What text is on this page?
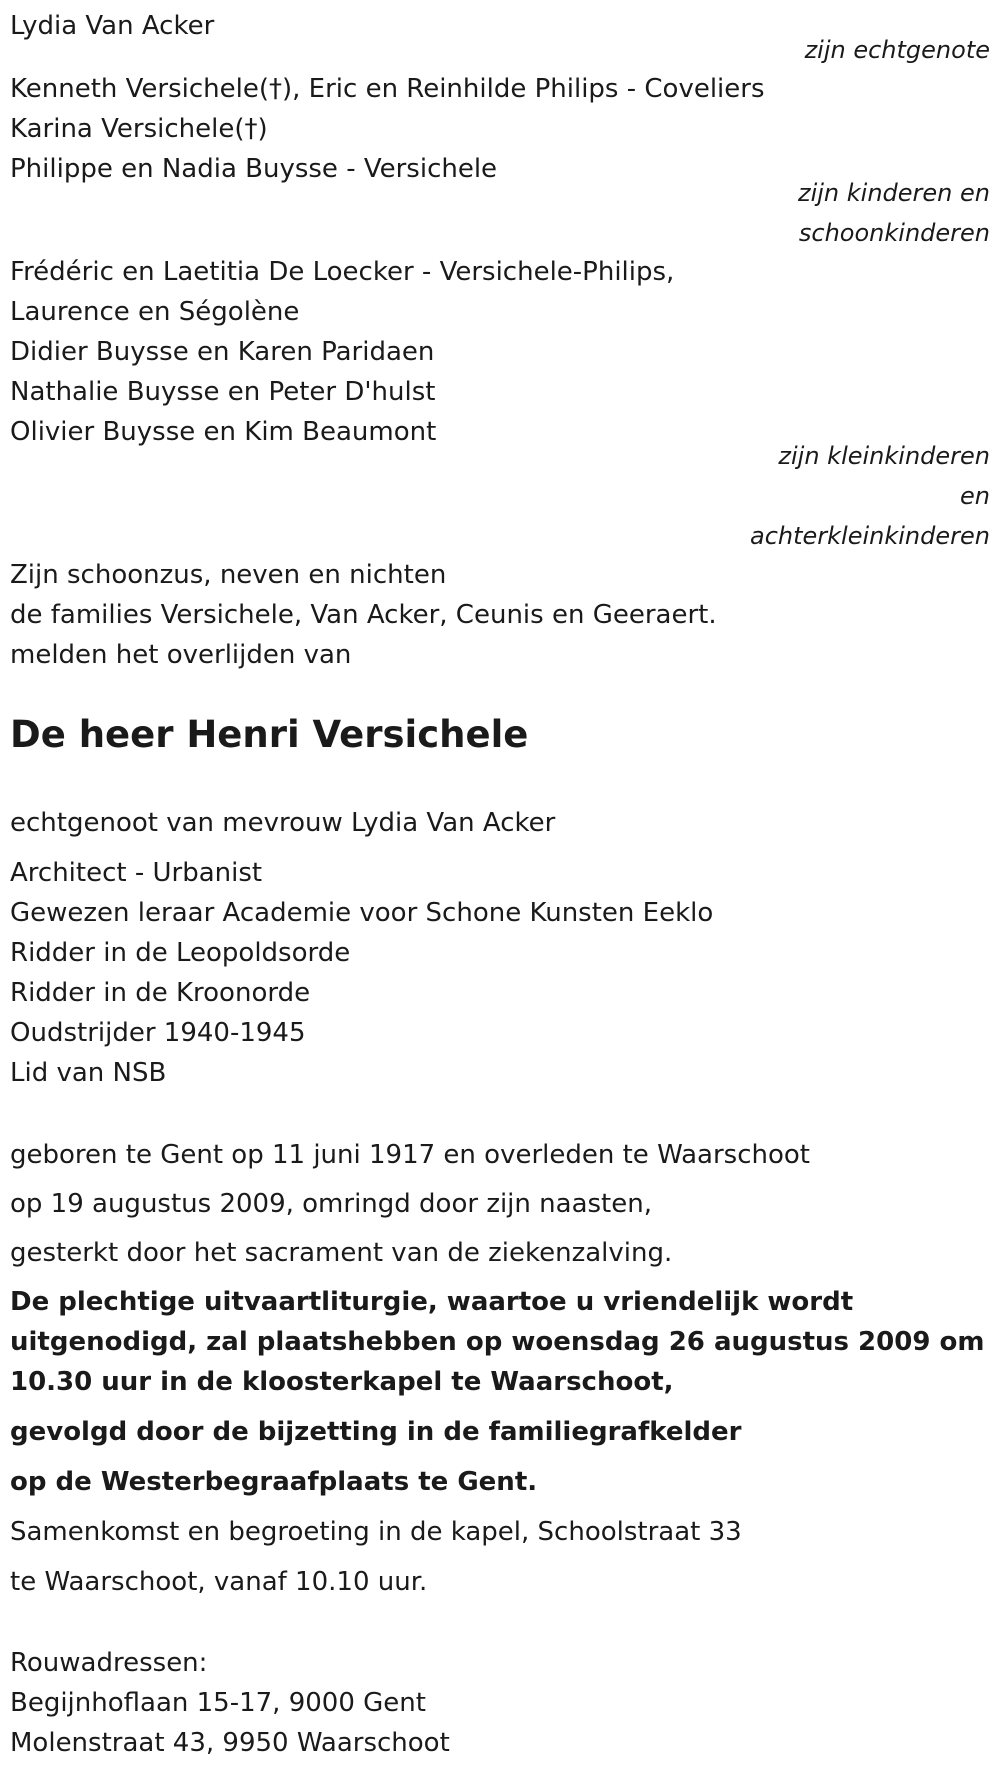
Lydia Van Acker
zijn echtgenote
Kenneth Versichele(†), Eric en Reinhilde Philips - Coveliers
Karina Versichele(†)
Philippe en Nadia Buysse - Versichele
zijn kinderen en
schoonkinderen
Frédéric en Laetitia De Loecker - Versichele-Philips,
Laurence en Ségolène
Didier Buysse en Karen Paridaen
Nathalie Buysse en Peter D'hulst
Olivier Buysse en Kim Beaumont
zijn kleinkinderen
en
achterkleinkinderen
Zijn schoonzus, neven en nichten
de families Versichele, Van Acker, Ceunis en Geeraert.
melden het overlijden van
De heer Henri Versichele
echtgenoot van mevrouw Lydia Van Acker
Architect - Urbanist
Gewezen leraar Academie voor Schone Kunsten Eeklo
Ridder in de Leopoldsorde
Ridder in de Kroonorde
Oudstrijder 1940-1945
Lid van NSB
geboren te Gent op 11 juni 1917 en overleden te Waarschoot
op 19 augustus 2009, omringd door zijn naasten,
gesterkt door het sacrament van de ziekenzalving.
De plechtige uitvaartliturgie, waartoe u vriendelijk wordt
uitgenodigd, zal plaatshebben op woensdag 26 augustus 2009 om
10.30 uur in de kloosterkapel te Waarschoot,
gevolgd door de bijzetting in de familiegrafkelder
op de Westerbegraafplaats te Gent.
Samenkomst en begroeting in de kapel, Schoolstraat 33
te Waarschoot, vanaf 10.10 uur.
Rouwadressen:
Begijnhoflaan 15-17, 9000 Gent
Molenstraat 43, 9950 Waarschoot
